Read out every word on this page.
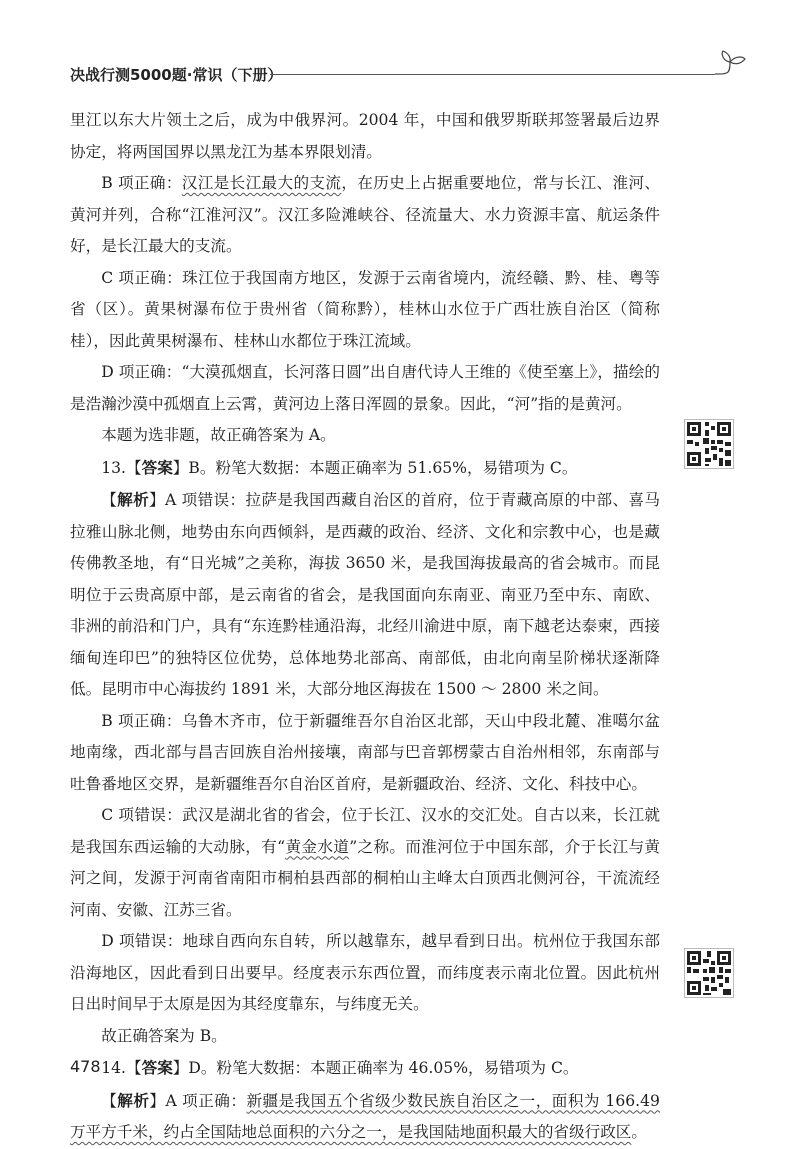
决战行测5000题·常识（下册）

里江以东大片领土之后，成为中俄界河。2004 年，中国和俄罗斯联邦签署最后边界协定，将两国国界以黑龙江为基本界限划清。

B 项正确：汉江是长江最大的支流，在历史上占据重要地位，常与长江、淮河、黄河并列，合称“江淮河汉”。汉江多险滩峡谷、径流量大、水力资源丰富、航运条件好，是长江最大的支流。

C 项正确：珠江位于我国南方地区，发源于云南省境内，流经赣、黔、桂、粤等省（区）。黄果树瀑布位于贵州省（简称黔），桂林山水位于广西壮族自治区（简称桂），因此黄果树瀑布、桂林山水都位于珠江流域。

D 项正确：“大漠孤烟直，长河落日圆”出自唐代诗人王维的《使至塞上》，描绘的是浩瀚沙漠中孤烟直上云霄，黄河边上落日浑圆的景象。因此，“河”指的是黄河。

本题为选非题，故正确答案为 A。

13.【答案】B。粉笔大数据：本题正确率为 51.65%，易错项为 C。

【解析】A 项错误：拉萨是我国西藏自治区的首府，位于青藏高原的中部、喜马拉雅山脉北侧，地势由东向西倾斜，是西藏的政治、经济、文化和宗教中心，也是藏传佛教圣地，有“日光城”之美称，海拔 3650 米，是我国海拔最高的省会城市。而昆明位于云贵高原中部，是云南省的省会，是我国面向东南亚、南亚乃至中东、南欧、非洲的前沿和门户，具有“东连黔桂通沿海，北经川渝进中原，南下越老达泰柬，西接缅甸连印巴”的独特区位优势，总体地势北部高、南部低，由北向南呈阶梯状逐渐降低。昆明市中心海拔约 1891 米，大部分地区海拔在 1500 ～ 2800 米之间。

B 项正确：乌鲁木齐市，位于新疆维吾尔自治区北部，天山中段北麓、准噶尔盆地南缘，西北部与昌吉回族自治州接壤，南部与巴音郭楞蒙古自治州相邻，东南部与吐鲁番地区交界，是新疆维吾尔自治区首府，是新疆政治、经济、文化、科技中心。

C 项错误：武汉是湖北省的省会，位于长江、汉水的交汇处。自古以来，长江就是我国东西运输的大动脉，有“黄金水道”之称。而淮河位于中国东部，介于长江与黄河之间，发源于河南省南阳市桐柏县西部的桐柏山主峰太白顶西北侧河谷，干流流经河南、安徽、江苏三省。

D 项错误：地球自西向东自转，所以越靠东，越早看到日出。杭州位于我国东部沿海地区，因此看到日出要早。经度表示东西位置，而纬度表示南北位置。因此杭州日出时间早于太原是因为其经度靠东，与纬度无关。

故正确答案为 B。

14.【答案】D。粉笔大数据：本题正确率为 46.05%，易错项为 C。

【解析】A 项正确：新疆是我国五个省级少数民族自治区之一，面积为 166.49 万平方千米，约占全国陆地总面积的六分之一，是我国陆地面积最大的省级行政区。

478
